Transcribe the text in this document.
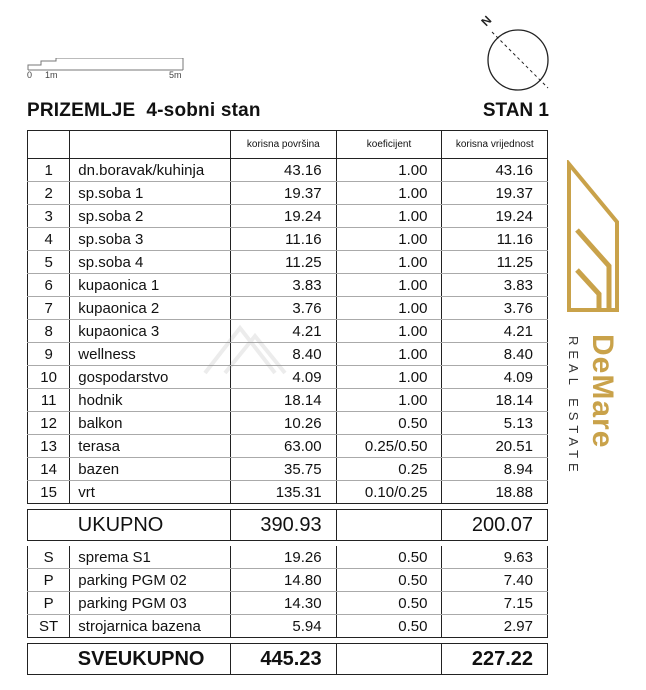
0 1m	5m
N
PRIZEMLJE  4-sobni stan	STAN 1
		korisna površina	koeficijent	korisna vrijednost
1	dn.boravak/kuhinja	43.16	1.00	43.16
2	sp.soba 1	19.37	1.00	19.37
3	sp.soba 2	19.24	1.00	19.24
4	sp.soba 3	11.16	1.00	11.16
5	sp.soba 4	11.25	1.00	11.25
6	kupaonica 1	3.83	1.00	3.83
7	kupaonica 2	3.76	1.00	3.76
8	kupaonica 3	4.21	1.00	4.21
9	wellness	8.40	1.00	8.40
10	gospodarstvo	4.09	1.00	4.09
11	hodnik	18.14	1.00	18.14
12	balkon	10.26	0.50	5.13
13	terasa	63.00	0.25/0.50	20.51
14	bazen	35.75	0.25	8.94
15	vrt	135.31	0.10/0.25	18.88

	UKUPNO	390.93		200.07

S	sprema S1	19.26	0.50	9.63
P	parking PGM 02	14.80	0.50	7.40
P	parking PGM 03	14.30	0.50	7.15
ST	strojarnica bazena	5.94	0.50	2.97

	SVEUKUPNO	445.23		227.22
DeMare
REAL ESTATE
